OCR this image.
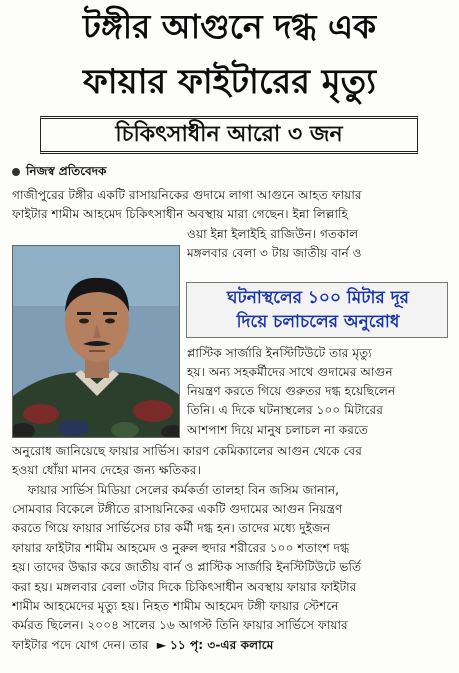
টঙ্গীর আগুনে দগ্ধ এক
ফায়ার ফাইটারের মৃত্যু
চিকিৎসাধীন আরো ৩ জন
নিজস্ব প্রতিবেদক
গাজীপুরের টঙ্গীর একটি রাসায়নিকের গুদামে লাগা আগুনে আহত ফায়ার
ফাইটার শামীম আহমেদ চিকিৎসাধীন অবস্থায় মারা গেছেন। ইন্না লিল্লাহি
ওয়া ইন্না ইলাইহি রাজিউন। গতকাল
মঙ্গলবার বেলা ৩ টায় জাতীয় বার্ন ও
ঘটনাস্থলের ১০০ মিটার দূর
দিয়ে চলাচলের অনুরোধ
প্লাস্টিক সার্জারি ইনস্টিটিউটে তার মৃত্যু
হয়। অন্য সহকর্মীদের সাথে গুদামের আগুন
নিয়ন্ত্রণ করতে গিয়ে গুরুতর দগ্ধ হয়েছিলেন
তিনি। এ দিকে ঘটনাস্থলের ১০০ মিটারের
আশপাশ দিয়ে মানুষ চলাচল না করতে
অনুরোধ জানিয়েছে ফায়ার সার্ভিস। কারণ কেমিক্যালের আগুন থেকে বের
হওয়া ধোঁয়া মানব দেহের জন্য ক্ষতিকর।
ফায়ার সার্ভিস মিডিয়া সেলের কর্মকর্তা তালহা বিন জসিম জানান,
সোমবার বিকেলে টঙ্গীতে রাসায়নিকের একটি গুদামের আগুন নিয়ন্ত্রণ
করতে গিয়ে ফায়ার সার্ভিসের চার কর্মী দগ্ধ হন। তাদের মধ্যে দুইজন
ফায়ার ফাইটার শামীম আহমেদ ও নুরুল হুদার শরীরের ১০০ শতাংশ দগ্ধ
হয়। তাদের উদ্ধার করে জাতীয় বার্ন ও প্লাস্টিক সার্জারি ইনস্টিটিউটে ভর্তি
করা হয়। মঙ্গলবার বেলা ৩টার দিকে চিকিৎসাধীন অবস্থায় ফায়ার ফাইটার
শামীম আহমেদের মৃত্যু হয়। নিহত শামীম আহমেদ টঙ্গী ফায়ার স্টেশনে
কর্মরত ছিলেন। ২০০৪ সালের ১৬ আগস্ট তিনি ফায়ার সার্ভিসে ফায়ার
ফাইটার পদে যোগ দেন। তার  ► ১১ পৃ: ৩-এর কলামে
